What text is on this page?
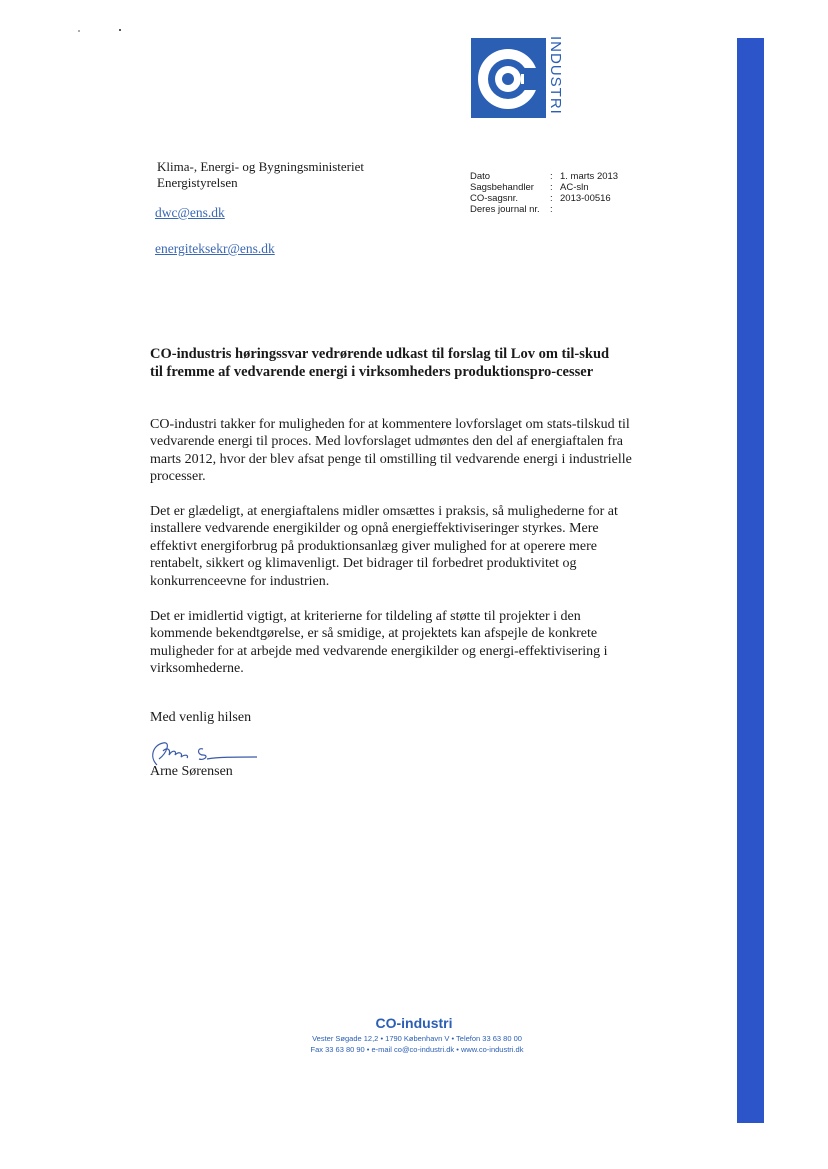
INDUSTRI
Klima-, Energi- og Bygningsministeriet
Energistyrelsen
dwc@ens.dk
energiteksekr@ens.dk
Dato	: 1. marts 2013
Sagsbehandler	: AC-sln
CO-sagsnr.	: 2013-00516
Deres journal nr.	:
CO-industris høringssvar vedrørende udkast til forslag til Lov om til-skud til fremme af vedvarende energi i virksomheders produktionspro-cesser

CO-industri takker for muligheden for at kommentere lovforslaget om stats-tilskud til vedvarende energi til proces. Med lovforslaget udmøntes den del af energiaftalen fra marts 2012, hvor der blev afsat penge til omstilling til vedvarende energi i industrielle processer.

Det er glædeligt, at energiaftalens midler omsættes i praksis, så mulighederne for at installere vedvarende energikilder og opnå energieffektiviseringer styrkes. Mere effektivt energiforbrug på produktionsanlæg giver mulighed for at operere mere rentabelt, sikkert og klimavenligt. Det bidrager til forbedret produktivitet og konkurrenceevne for industrien.

Det er imidlertid vigtigt, at kriterierne for tildeling af støtte til projekter i den kommende bekendtgørelse, er så smidige, at projektets kan afspejle de konkrete muligheder for at arbejde med vedvarende energikilder og energi-effektivisering i virksomhederne.

Med venlig hilsen
Arne Sørensen
CO-industri
Vester Søgade 12,2 • 1790 København V • Telefon 33 63 80 00
Fax 33 63 80 90 • e-mail co@co-industri.dk • www.co-industri.dk
